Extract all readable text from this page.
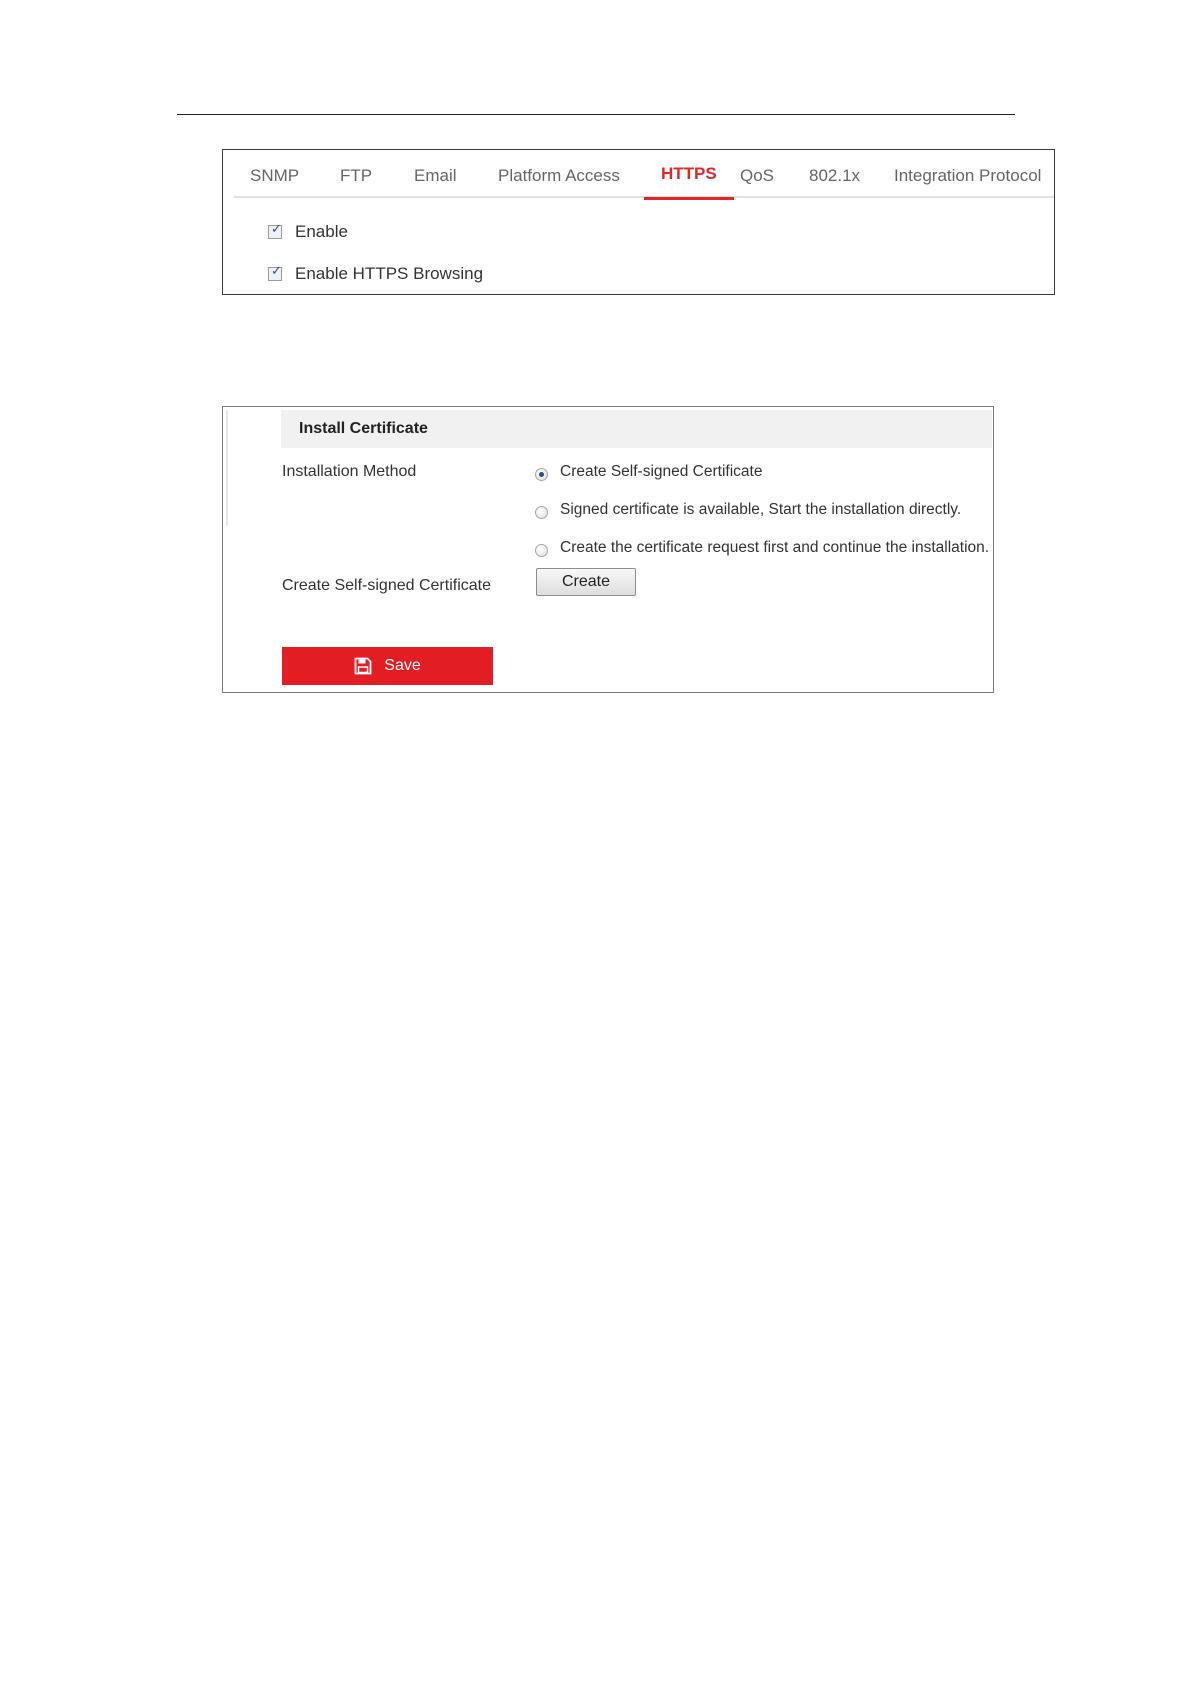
SNMP FTP Email Platform Access HTTPS QoS 802.1x Integration Protocol
✓ Enable
✓ Enable HTTPS Browsing
Install Certificate
Installation Method	Create Self-signed Certificate
Signed certificate is available, Start the installation directly.
Create the certificate request first and continue the installation.
Create Self-signed Certificate	Create
Save
